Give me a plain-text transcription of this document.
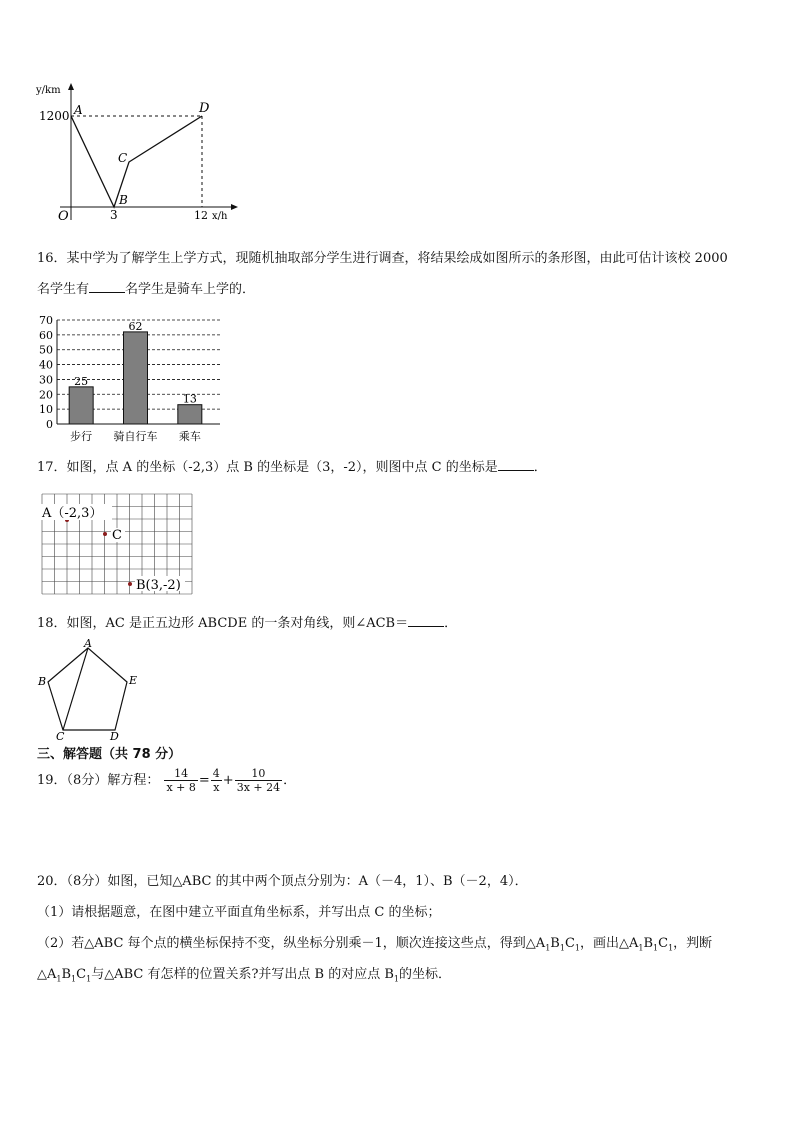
y/km
1200
O	3	12 x/h
A
B
C
D
16．某中学为了解学生上学方式，现随机抽取部分学生进行调查，将结果绘成如图所示的条形图，由此可估计该校 2000
名学生有	名学生是骑车上学的．
0
10
20
30
40
50
60
70
25
步行
62
骑自行车
13
乘车
17．如图，点 A 的坐标（-2,3）点 B 的坐标是（3，-2），则图中点 C 的坐标是	．
A（-2,3）
C
B(3,-2)
18．如图，AC 是正五边形 ABCDE 的一条对角线，则∠ACB＝	．
A
B
C	D
E
三、解答题（共 78 分）
19．（8分）解方程： $\frac{14}{x + 8} = \frac{4}{x} + \frac{10}{3x + 24}$ ．
20．（8分）如图，已知△ABC 的其中两个顶点分别为：A（－4，1）、B（－2，4）．
（1）请根据题意，在图中建立平面直角坐标系，并写出点 C 的坐标；
（2）若△ABC 每个点的横坐标保持不变，纵坐标分别乘－1，顺次连接这些点，得到$\triangle A_1B_1C_1$，画出$\triangle A_1B_1C_1$，判断
$\triangle A_1B_1C_1$与△ABC 有怎样的位置关系?并写出点 B 的对应点 $B_1$的坐标．
